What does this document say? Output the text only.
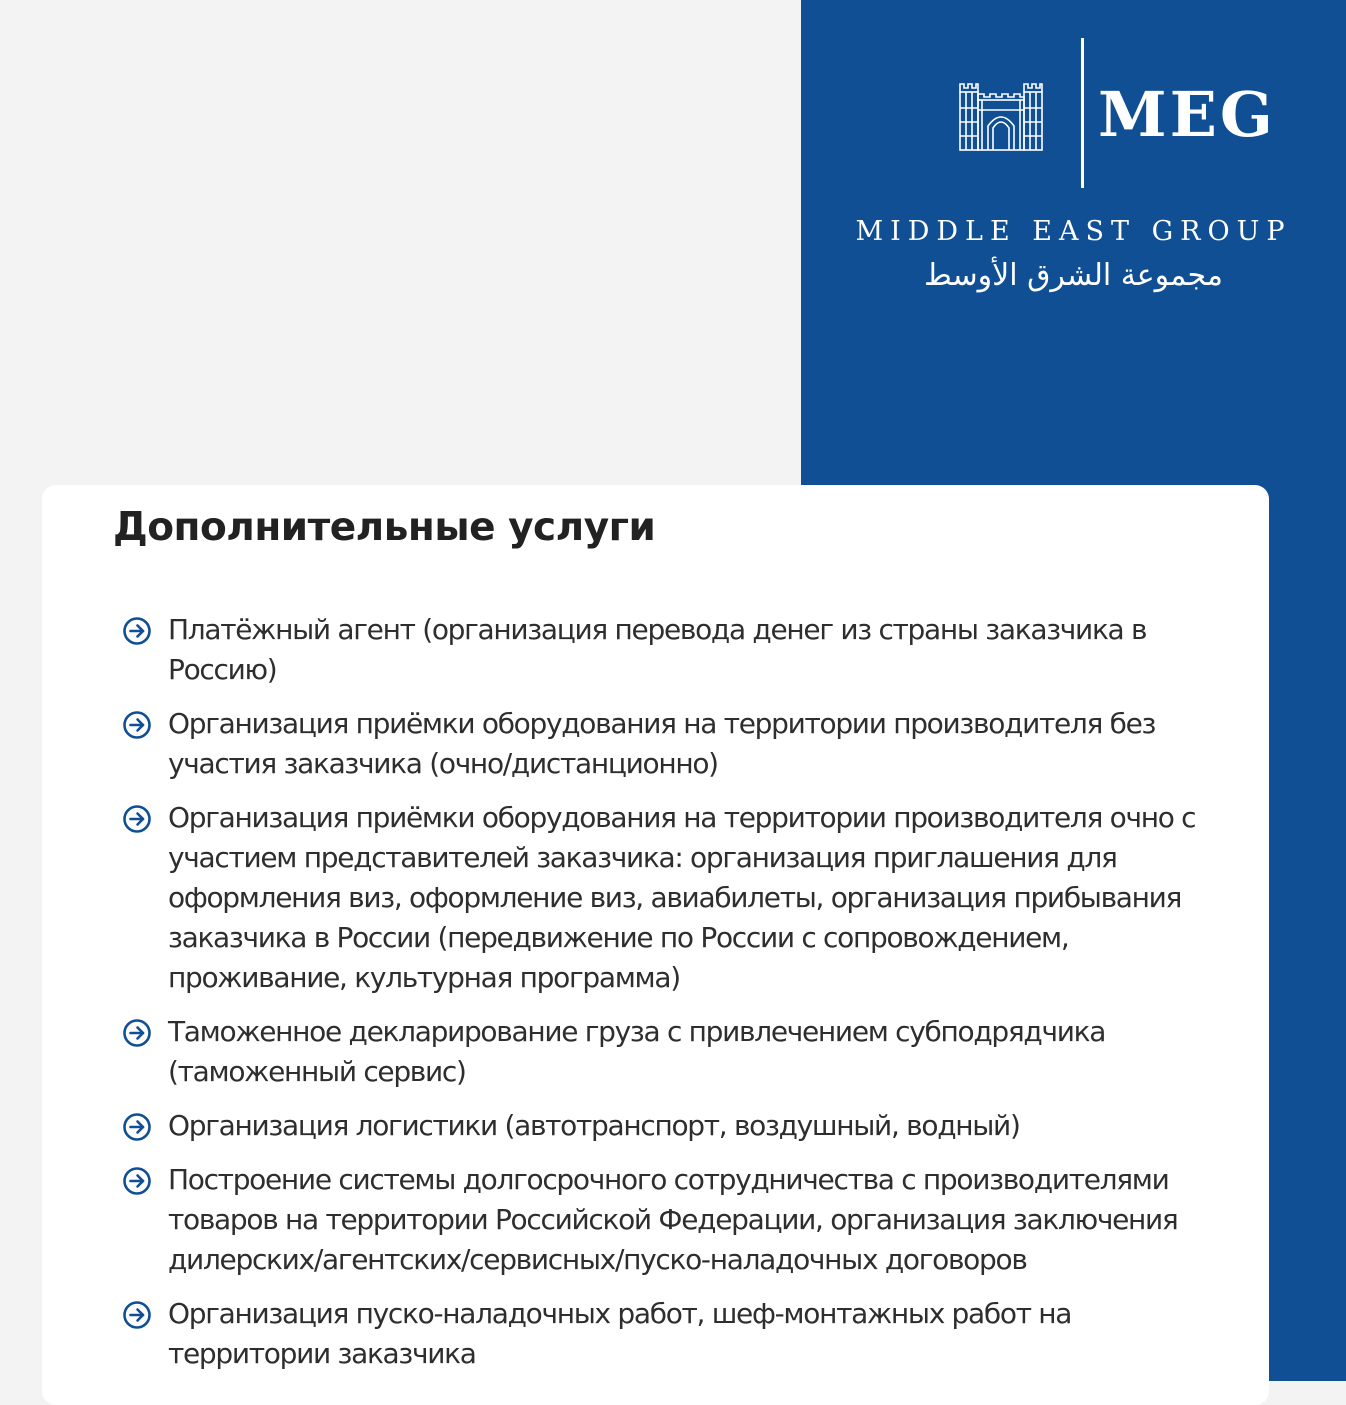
MEG
MIDDLE EAST GROUP
مجموعة الشرق الأوسط
Дополнительные услуги
Платёжный агент (организация перевода денег из страны заказчика в Россию)
Организация приёмки оборудования на территории производителя без участия заказчика (очно/дистанционно)
Организация приёмки оборудования на территории производителя очно с участием представителей заказчика: организация приглашения для оформления виз, оформление виз, авиабилеты, организация прибывания заказчика в России (передвижение по России с сопровождением, проживание, культурная программа)
Таможенное декларирование груза с привлечением субподрядчика (таможенный сервис)
Организация логистики (автотранспорт, воздушный, водный)
Построение системы долгосрочного сотрудничества с производителями товаров на территории Российской Федерации, организация заключения дилерских/агентских/сервисных/пуско-наладочных договоров
Организация пуско-наладочных работ, шеф-монтажных работ на территории заказчика
